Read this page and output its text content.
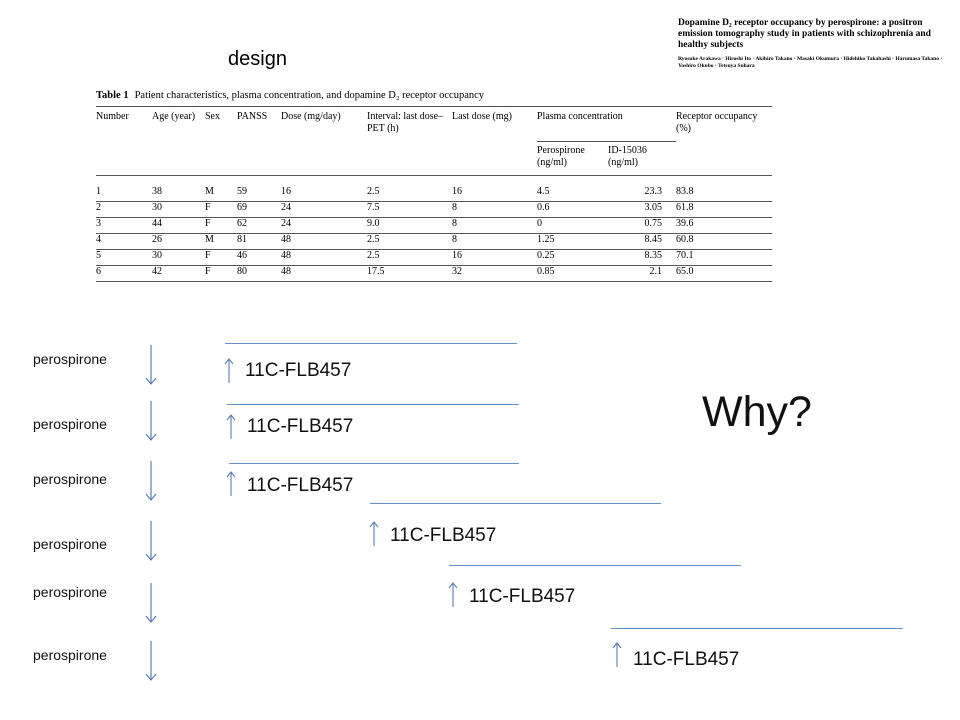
design
Dopamine D₂ receptor occupancy by perospirone: a positron emission tomography study in patients with schizophrenia and healthy subjects
Ryosuke Arakawa · Hiroshi Ito · Akihiro Takano · Masaki Okumura · Hidehiko Takahashi · Harumasa Takano · Yoshiro Okubo · Tetsuya Suhara
Table 1 Patient characteristics, plasma concentration, and dopamine D₂ receptor occupancy
Number	Age (year)	Sex	PANSS	Dose (mg/day)	Interval: last dose–PET (h)	Last dose (mg)	Plasma concentration		Receptor occupancy (%)
							Perospirone (ng/ml)	ID-15036 (ng/ml)	
1	38	M	59	16	2.5	16	4.5	23.3	83.8
2	30	F	69	24	7.5	8	0.6	3.05	61.8
3	44	F	62	24	9.0	8	0	0.75	39.6
4	26	M	81	48	2.5	8	1.25	8.45	60.8
5	30	F	46	48	2.5	16	0.25	8.35	70.1
6	42	F	80	48	17.5	32	0.85	2.1	65.0
perospirone
11C-FLB457
perospirone	11C-FLB457
perospirone	11C-FLB457
perospirone	11C-FLB457
perospirone	11C-FLB457
perospirone	11C-FLB457
Why?
